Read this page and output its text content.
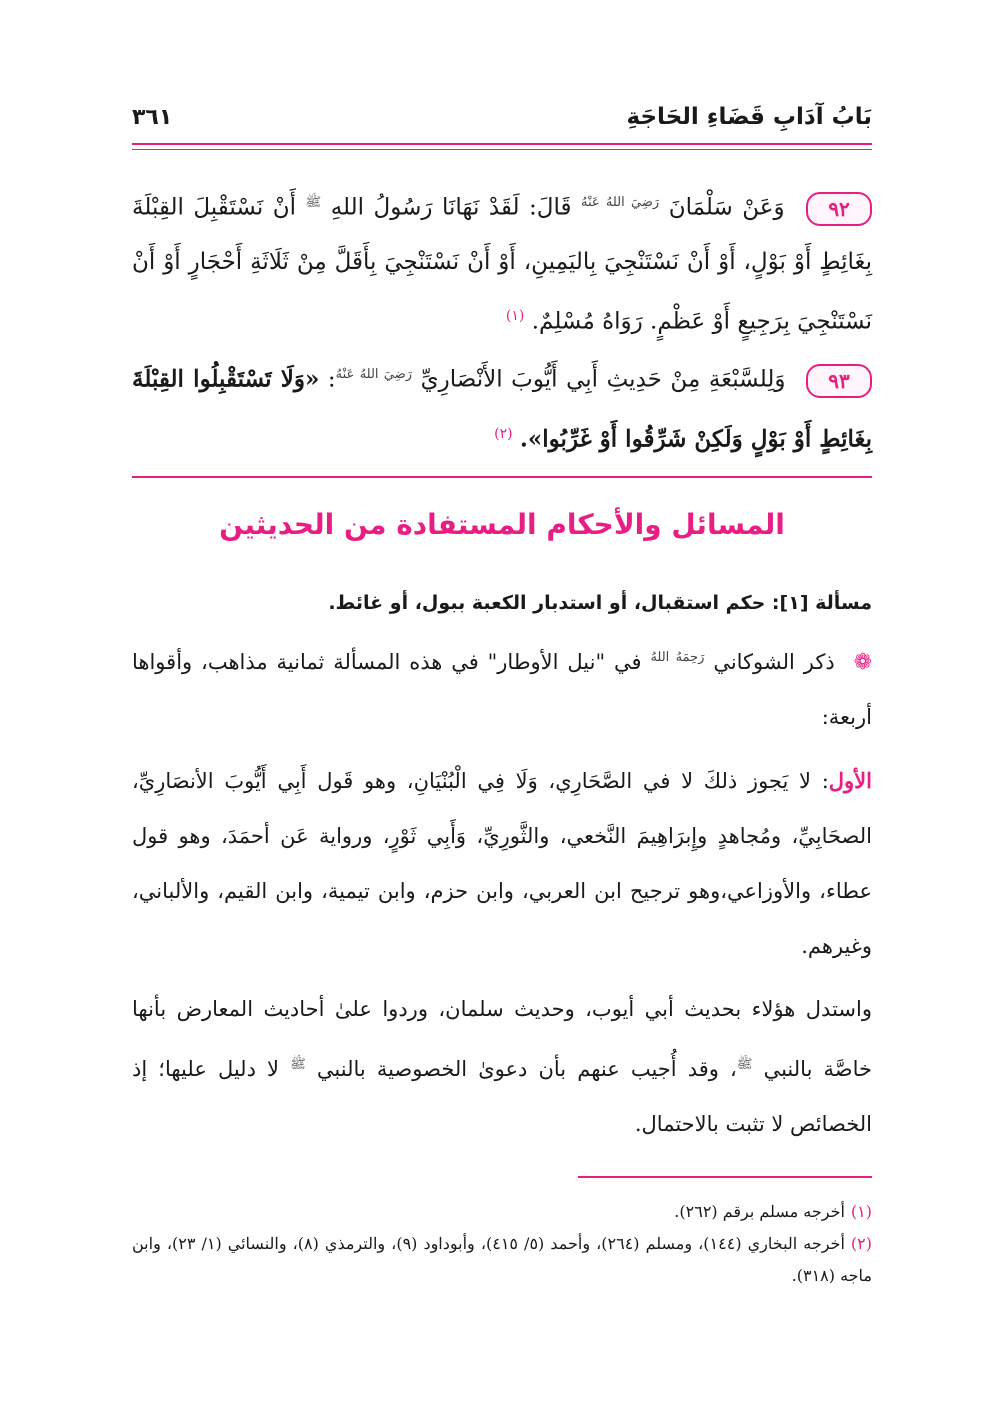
بَابُ آدَابِ قَضَاءِ الحَاجَةِ
٣٦١

٩٢ وَعَنْ سَلْمَانَ $^{رَضِيَ اللهُ عَنْهُ}$ قَالَ: لَقَدْ نَهَانَا رَسُولُ اللهِ $^ﷺ$ أَنْ نَسْتَقْبِلَ القِبْلَةَ بِغَائِطٍ أَوْ بَوْلٍ، أَوْ أَنْ نَسْتَنْجِيَ بِاليَمِينِ، أَوْ أَنْ نَسْتَنْجِيَ بِأَقَلَّ مِنْ ثَلَاثَةِ أَحْجَارٍ أَوْ أَنْ نَسْتَنْجِيَ بِرَجِيعٍ أَوْ عَظْمٍ. رَوَاهُ مُسْلِمٌ. $^{(١)}$

٩٣ وَلِلسَّبْعَةِ مِنْ حَدِيثِ أَبِي أَيُّوبَ الأَنْصَارِيِّ $^{رَضِيَ اللهُ عَنْهُ}$: «وَلَا تَسْتَقْبِلُوا القِبْلَةَ بِغَائِطٍ أَوْ بَوْلٍ وَلَكِنْ شَرِّقُوا أَوْ غَرِّبُوا». $^{(٢)}$

المسائل والأحكام المستفادة من الحديثين

مسألة [١]: حكم استقبال، أو استدبار الكعبة ببول، أو غائط.

❁ ذكر الشوكاني $^{رَحِمَهُ اللهُ}$ في "نيل الأوطار" في هذه المسألة ثمانية مذاهب، وأقواها أربعة:

الأول: لا يَجوز ذلكَ لا في الصَّحَارِي، وَلَا فِي الْبُنْيَانِ، وهو قَول أَبِي أَيُّوبَ الأنصَارِيِّ، الصحَابِيِّ، ومُجاهدٍ وإِبرَاهِيمَ النَّخعي، والثَّورِيِّ، وَأَبِي ثَوْرٍ، ورواية عَن أحمَدَ، وهو قول عطاء، والأوزاعي،وهو ترجيح ابن العربي، وابن حزم، وابن تيمية، وابن القيم، والألباني، وغيرهم.

واستدل هؤلاء بحديث أبي أيوب، وحديث سلمان، وردوا علىٰ أحاديث المعارض بأنها خاصَّة بالنبي $^ﷺ$، وقد أُجيب عنهم بأن دعوىٰ الخصوصية بالنبي $^ﷺ$ لا دليل عليها؛ إذ الخصائص لا تثبت بالاحتمال.

(١)أخرجه مسلم برقم (٢٦٢).

(٢)أخرجه البخاري (١٤٤)، ومسلم (٢٦٤)، وأحمد (٥/ ٤١٥)، وأبوداود (٩)، والترمذي (٨)، والنسائي (١/ ٢٣)، وابن ماجه (٣١٨).
